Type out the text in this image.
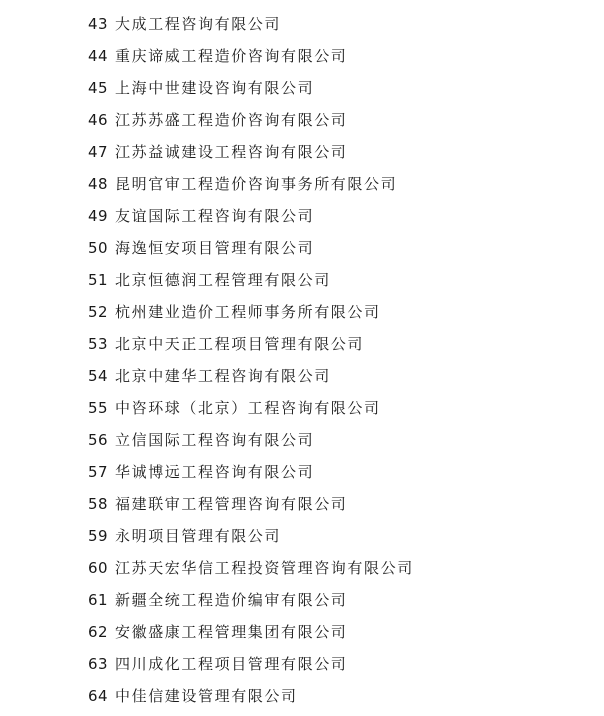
43 大成工程咨询有限公司
44 重庆谛威工程造价咨询有限公司
45 上海中世建设咨询有限公司
46 江苏苏盛工程造价咨询有限公司
47 江苏益诚建设工程咨询有限公司
48 昆明官审工程造价咨询事务所有限公司
49 友谊国际工程咨询有限公司
50 海逸恒安项目管理有限公司
51 北京恒德润工程管理有限公司
52 杭州建业造价工程师事务所有限公司
53 北京中天正工程项目管理有限公司
54 北京中建华工程咨询有限公司
55 中咨环球（北京）工程咨询有限公司
56 立信国际工程咨询有限公司
57 华诚博远工程咨询有限公司
58 福建联审工程管理咨询有限公司
59 永明项目管理有限公司
60 江苏天宏华信工程投资管理咨询有限公司
61 新疆全统工程造价编审有限公司
62 安徽盛康工程管理集团有限公司
63 四川成化工程项目管理有限公司
64 中佳信建设管理有限公司
